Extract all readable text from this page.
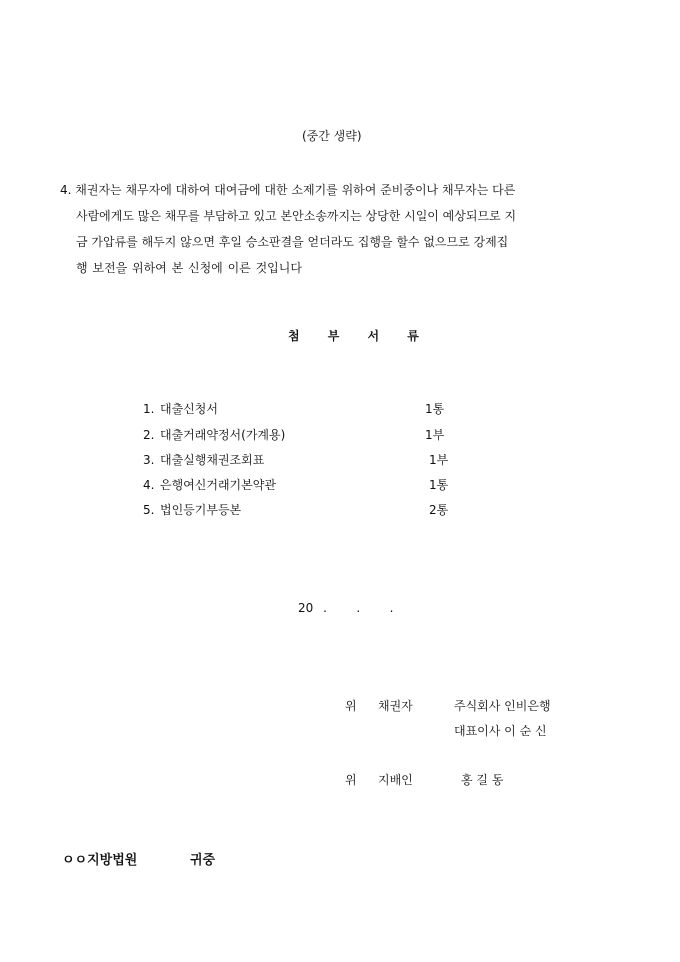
(중간 생략)
4. 채권자는 채무자에 대하여 대여금에 대한 소제기를 위하여 준비중이나 채무자는 다른
사람에게도 많은 채무를 부담하고 있고 본안소송까지는 상당한 시일이 예상되므로 지
금 가압류를 해두지 않으면 후일 승소판결을 얻더라도 집행을 할수 없으므로 강제집
행 보전을 위하여 본 신청에 이른 것입니다
첨 부 서 류
1. 대출신청서	1통
2. 대출거래약정서(가계용)	1부
3. 대출실행채권조회표	1부
4. 은행여신거래기본약관	1통
5. 법인등기부등본	2통
20 .   .   .
위 채권자	주식회사 인비은행
대표이사 이 순 신
위 지배인	홍 길 동
ㅇㅇ지방법원	귀중
